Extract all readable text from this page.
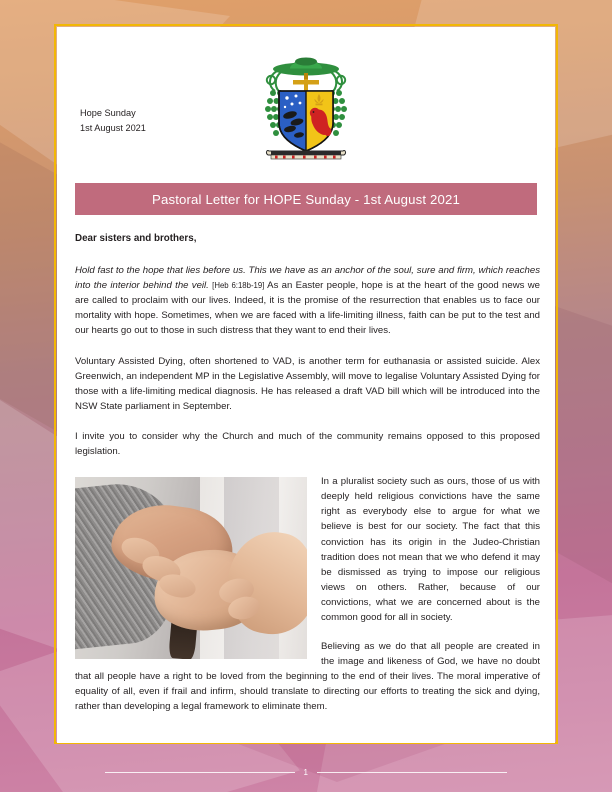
Hope Sunday
1st August 2021
Pastoral Letter for HOPE Sunday - 1st August 2021
Dear sisters and brothers,

Hold fast to the hope that lies before us. This we have as an anchor of the soul, sure and firm, which reaches into the interior behind the veil. [Heb 6:18b-19] As an Easter people, hope is at the heart of the good news we are called to proclaim with our lives. Indeed, it is the promise of the resurrection that enables us to face our mortality with hope. Sometimes, when we are faced with a life-limiting illness, faith can be put to the test and our hearts go out to those in such distress that they want to end their lives.

Voluntary Assisted Dying, often shortened to VAD, is another term for euthanasia or assisted suicide. Alex Greenwich, an independent MP in the Legislative Assembly, will move to legalise Voluntary Assisted Dying for those with a life-limiting medical diagnosis. He has released a draft VAD bill which will be introduced into the NSW State parliament in September.

I invite you to consider why the Church and much of the community remains opposed to this proposed legislation.

In a pluralist society such as ours, those of us with deeply held religious convictions have the same right as everybody else to argue for what we believe is best for our society. The fact that this conviction has its origin in the Judeo-Christian tradition does not mean that we who defend it may be dismissed as trying to impose our religious views on others. Rather, because of our convictions, what we are concerned about is the common good for all in society.

Believing as we do that all people are created in the image and likeness of God, we have no doubt that all people have a right to be loved from the beginning to the end of their lives. The moral imperative of equality of all, even if frail and infirm, should translate to directing our efforts to treating the sick and dying, rather than developing a legal framework to eliminate them.

1
